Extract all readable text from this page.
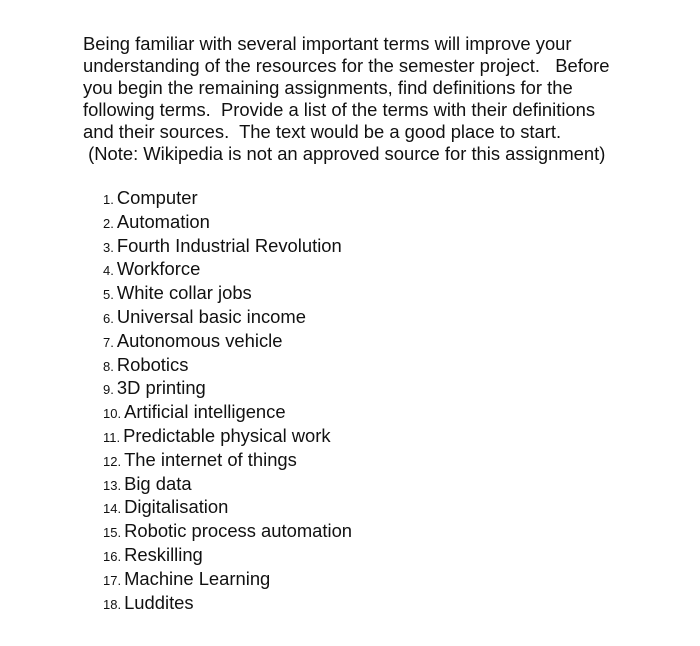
Being familiar with several important terms will improve your
understanding of the resources for the semester project.   Before
you begin the remaining assignments, find definitions for the
following terms.  Provide a list of the terms with their definitions
and their sources.  The text would be a good place to start.
(Note: Wikipedia is not an approved source for this assignment)

1. Computer
2. Automation
3. Fourth Industrial Revolution
4. Workforce
5. White collar jobs
6. Universal basic income
7. Autonomous vehicle
8. Robotics
9. 3D printing
10. Artificial intelligence
11. Predictable physical work
12. The internet of things
13. Big data
14. Digitalisation
15. Robotic process automation
16. Reskilling
17. Machine Learning
18. Luddites
